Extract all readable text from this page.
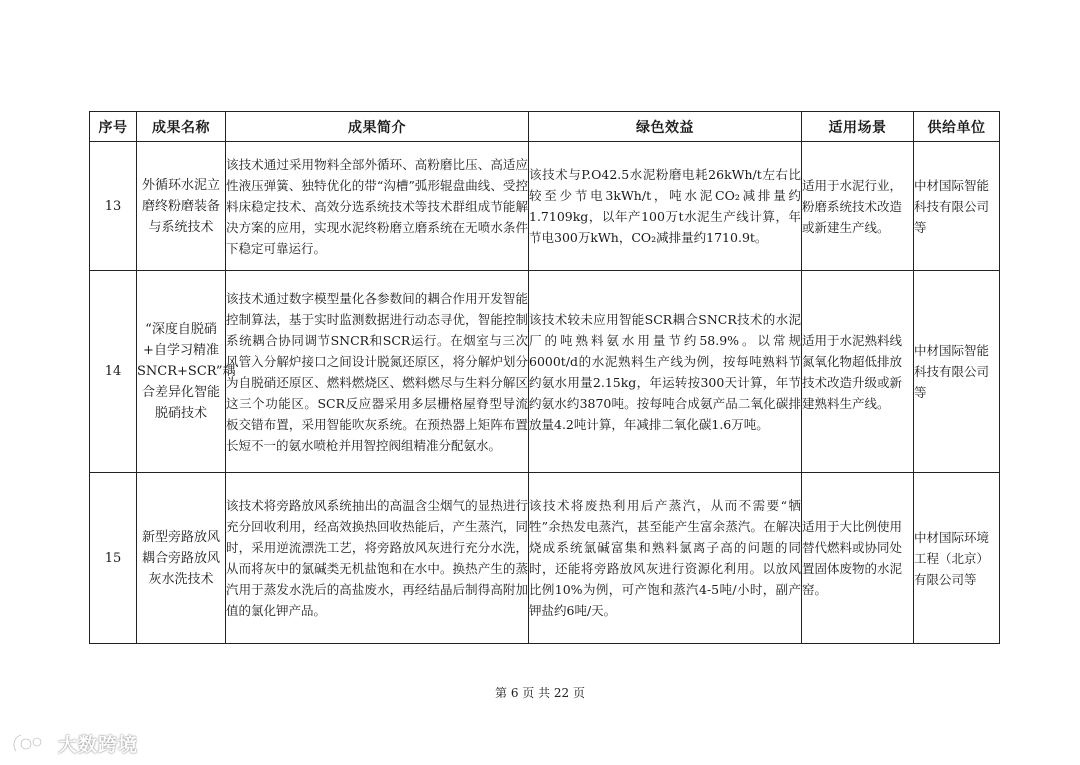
序号	成果名称	成果简介	绿色效益	适用场景	供给单位
13	外循环水泥立磨终粉磨装备与系统技术	该技术通过采用物料全部外循环、高粉磨比压、高适应性液压弹簧、独特优化的带“沟槽”弧形辊盘曲线、受控料床稳定技术、高效分选系统技术等技术群组成节能解决方案的应用，实现水泥终粉磨立磨系统在无喷水条件下稳定可靠运行。	该技术与P.O42.5水泥粉磨电耗26kWh/t左右比较至少节电3kWh/t，吨水泥CO₂减排量约1.7109kg，以年产100万t水泥生产线计算，年节电300万kWh，CO₂减排量约1710.9t。	适用于水泥行业，粉磨系统技术改造或新建生产线。	中材国际智能科技有限公司等
14	“深度自脱硝+自学习精准SNCR+SCR”耦合差异化智能脱硝技术	该技术通过数字模型量化各参数间的耦合作用开发智能控制算法，基于实时监测数据进行动态寻优，智能控制系统耦合协同调节SNCR和SCR运行。在烟室与三次风管入分解炉接口之间设计脱氮还原区，将分解炉划分为自脱硝还原区、燃料燃烧区、燃料燃尽与生料分解区这三个功能区。SCR反应器采用多层栅格屋脊型导流板交错布置，采用智能吹灰系统。在预热器上矩阵布置长短不一的氨水喷枪并用智控阀组精准分配氨水。	该技术较未应用智能SCR耦合SNCR技术的水泥厂的吨熟料氨水用量节约58.9%。以常规6000t/d的水泥熟料生产线为例，按每吨熟料节约氨水用量2.15kg，年运转按300天计算，年节约氨水约3870吨。按每吨合成氨产品二氧化碳排放量4.2吨计算，年减排二氧化碳1.6万吨。	适用于水泥熟料线氮氧化物超低排放技术改造升级或新建熟料生产线。	中材国际智能科技有限公司等
15	新型旁路放风耦合旁路放风灰水洗技术	该技术将旁路放风系统抽出的高温含尘烟气的显热进行充分回收利用，经高效换热回收热能后，产生蒸汽，同时，采用逆流漂洗工艺，将旁路放风灰进行充分水洗，从而将灰中的氯碱类无机盐饱和在水中。换热产生的蒸汽用于蒸发水洗后的高盐废水，再经结晶后制得高附加值的氯化钾产品。	该技术将废热利用后产蒸汽，从而不需要“牺牲”余热发电蒸汽，甚至能产生富余蒸汽。在解决烧成系统氯碱富集和熟料氯离子高的问题的同时，还能将旁路放风灰进行资源化利用。以放风比例10%为例，可产饱和蒸汽4-5吨/小时，副产钾盐约6吨/天。	适用于大比例使用替代燃料或协同处置固体废物的水泥窑。	中材国际环境工程（北京）有限公司等
第 6 页 共 22 页
大数跨境
